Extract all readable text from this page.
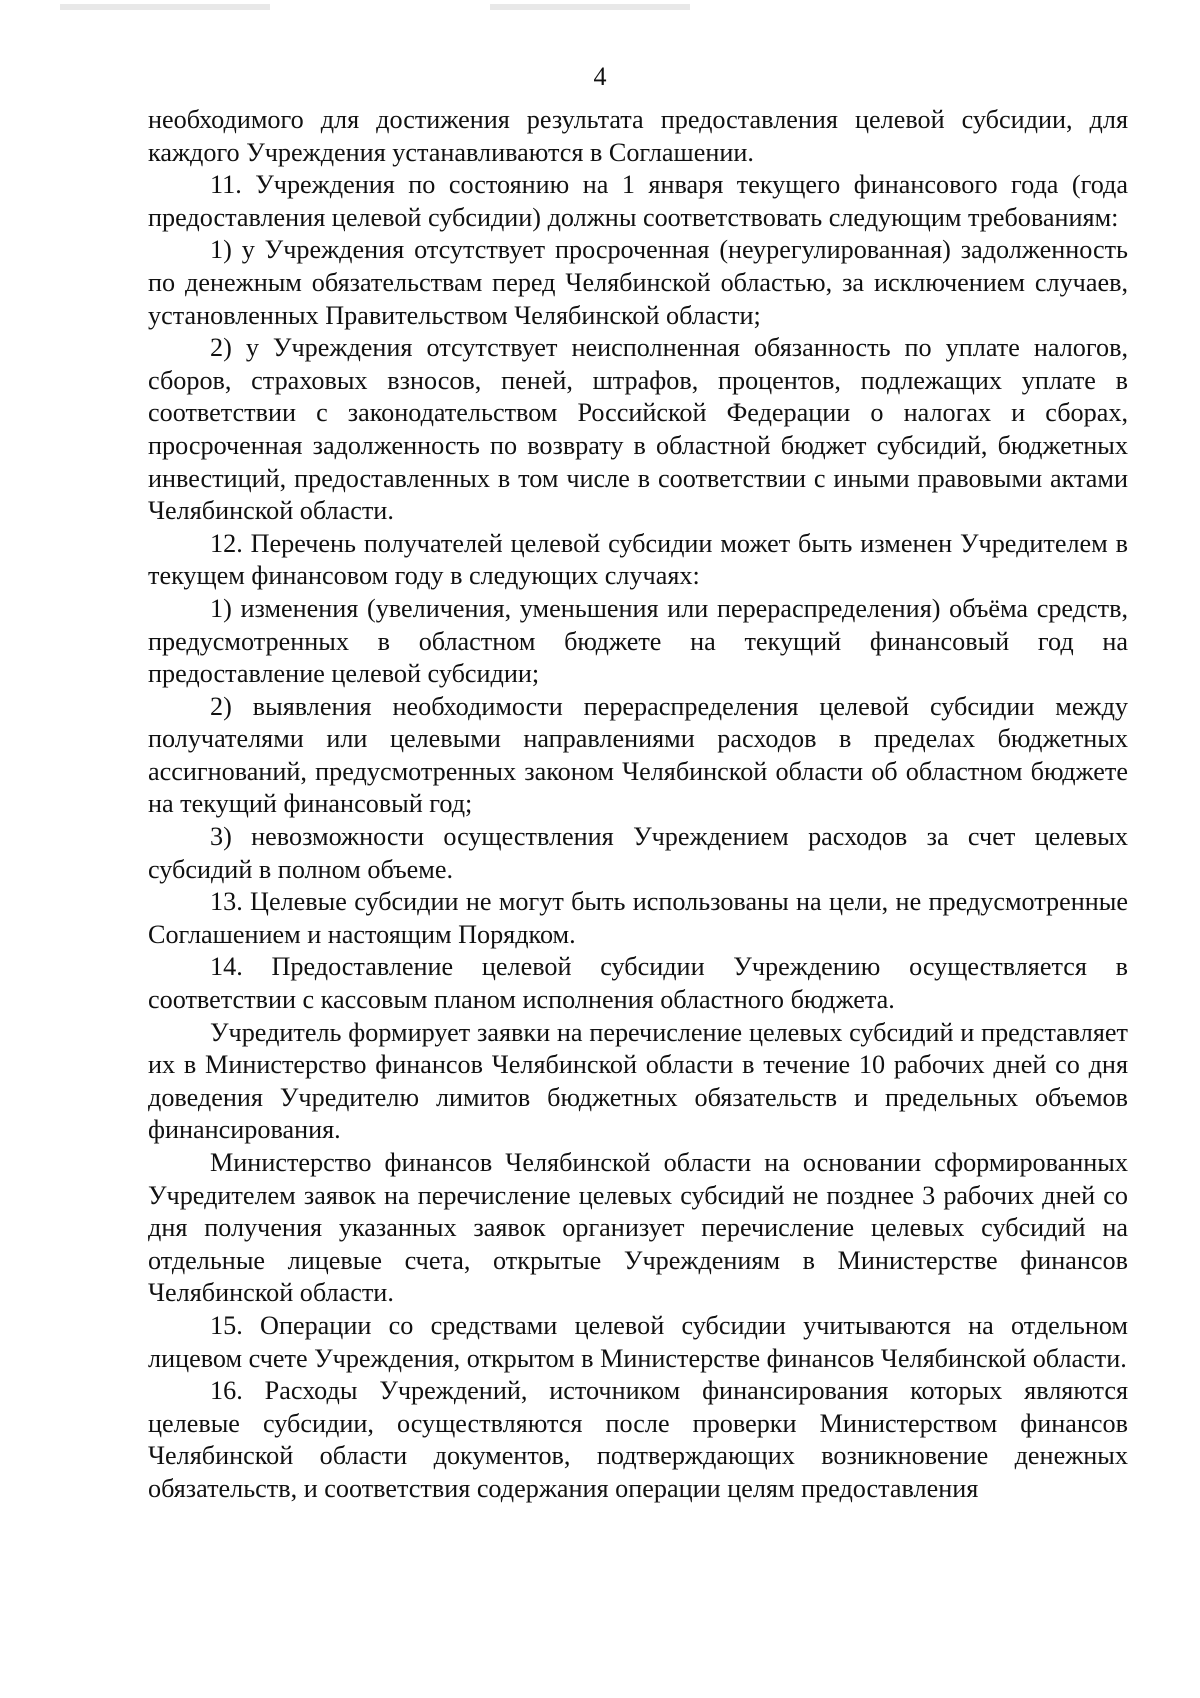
4

необходимого для достижения результата предоставления целевой субсидии, для каждого Учреждения устанавливаются в Соглашении.

11. Учреждения по состоянию на 1 января текущего финансового года (года предоставления целевой субсидии) должны соответствовать следующим требованиям:

1) у Учреждения отсутствует просроченная (неурегулированная) задолженность по денежным обязательствам перед Челябинской областью, за исключением случаев, установленных Правительством Челябинской области;

2) у Учреждения отсутствует неисполненная обязанность по уплате налогов, сборов, страховых взносов, пеней, штрафов, процентов, подлежащих уплате в соответствии с законодательством Российской Федерации о налогах и сборах, просроченная задолженность по возврату в областной бюджет субсидий, бюджетных инвестиций, предоставленных в том числе в соответствии с иными правовыми актами Челябинской области.

12. Перечень получателей целевой субсидии может быть изменен Учредителем в текущем финансовом году в следующих случаях:

1) изменения (увеличения, уменьшения или перераспределения) объёма средств, предусмотренных в областном бюджете на текущий финансовый год на предоставление целевой субсидии;

2) выявления необходимости перераспределения целевой субсидии между получателями или целевыми направлениями расходов в пределах бюджетных ассигнований, предусмотренных законом Челябинской области об областном бюджете на текущий финансовый год;

3) невозможности осуществления Учреждением расходов за счет целевых субсидий в полном объеме.

13. Целевые субсидии не могут быть использованы на цели, не предусмотренные Соглашением и настоящим Порядком.

14. Предоставление целевой субсидии Учреждению осуществляется в соответствии с кассовым планом исполнения областного бюджета.

Учредитель формирует заявки на перечисление целевых субсидий и представляет их в Министерство финансов Челябинской области в течение 10 рабочих дней со дня доведения Учредителю лимитов бюджетных обязательств и предельных объемов финансирования.

Министерство финансов Челябинской области на основании сформированных Учредителем заявок на перечисление целевых субсидий не позднее 3 рабочих дней со дня получения указанных заявок организует перечисление целевых субсидий на отдельные лицевые счета, открытые Учреждениям в Министерстве финансов Челябинской области.

15. Операции со средствами целевой субсидии учитываются на отдельном лицевом счете Учреждения, открытом в Министерстве финансов Челябинской области.

16. Расходы Учреждений, источником финансирования которых являются целевые субсидии, осуществляются после проверки Министерством финансов Челябинской области документов, подтверждающих возникновение денежных обязательств, и соответствия содержания операции целям предоставления
